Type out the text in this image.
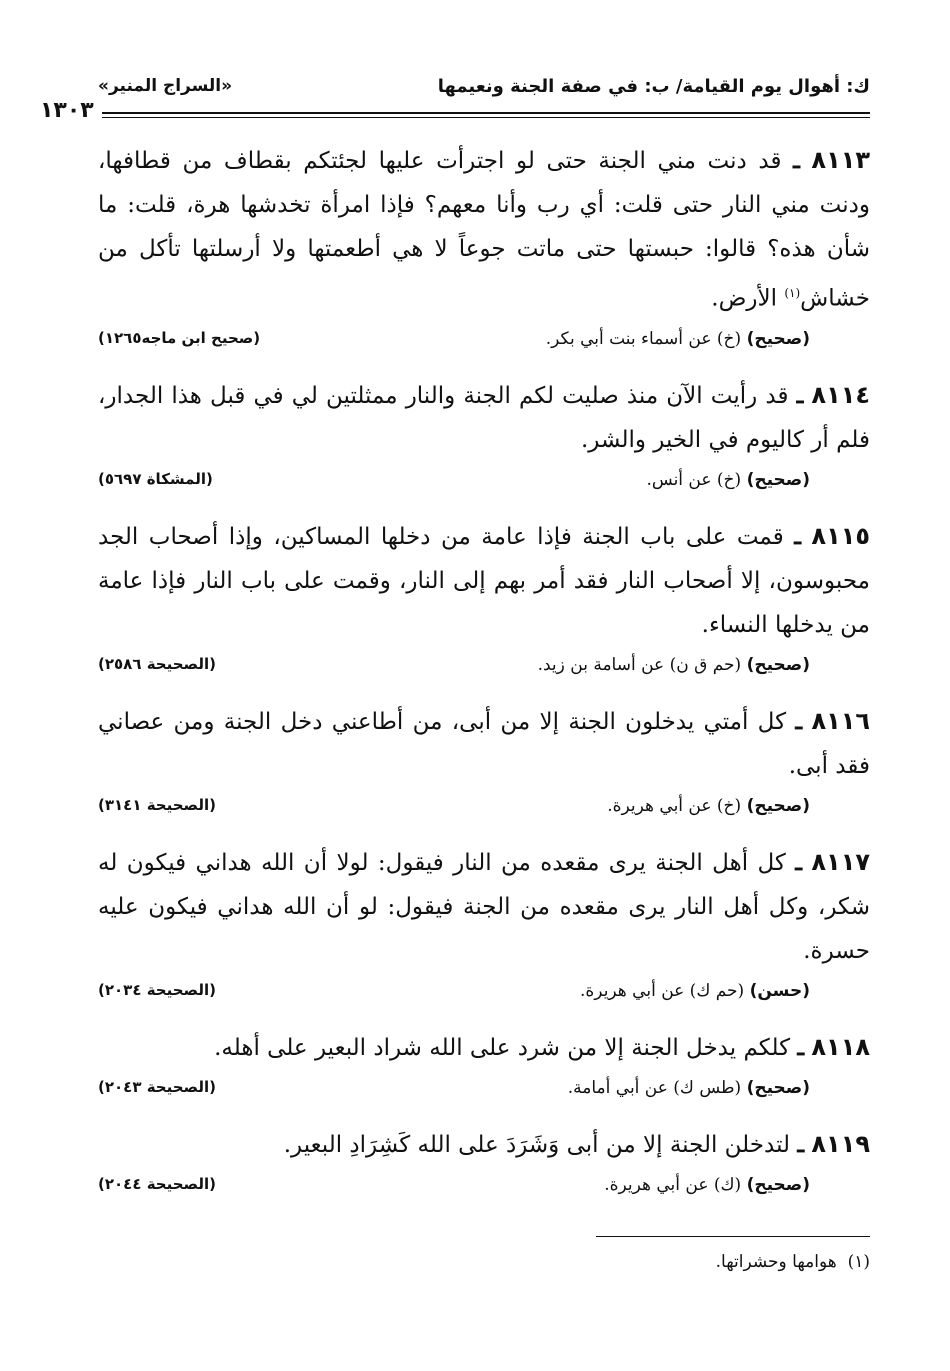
ك: أهوال يوم القيامة/ ب: في صفة الجنة ونعيمها
«السراج المنير»
١٣٠٣

٨١١٣ ـ قد دنت مني الجنة حتى لو اجترأت عليها لجئتكم بقطاف من قطافها، ودنت مني النار حتى قلت: أي رب وأنا معهم؟ فإذا امرأة تخدشها هرة، قلت: ما شأن هذه؟ قالوا: حبستها حتى ماتت جوعاً لا هي أطعمتها ولا أرسلتها تأكل من خشاش$^{(١)}$ الأرض.

(صحيح) (خ) عن أسماء بنت أبي بكر.
(صحيح ابن ماجه١٢٦٥)

٨١١٤ ـ قد رأيت الآن منذ صليت لكم الجنة والنار ممثلتين لي في قبل هذا الجدار، فلم أر كاليوم في الخير والشر.

(صحيح) (خ) عن أنس.
(المشكاة ٥٦٩٧)

٨١١٥ ـ قمت على باب الجنة فإذا عامة من دخلها المساكين، وإذا أصحاب الجد محبوسون، إلا أصحاب النار فقد أمر بهم إلى النار، وقمت على باب النار فإذا عامة من يدخلها النساء.

(صحيح) (حم ق ن) عن أسامة بن زيد.
(الصحيحة ٢٥٨٦)

٨١١٦ ـ كل أمتي يدخلون الجنة إلا من أبى، من أطاعني دخل الجنة ومن عصاني فقد أبى.

(صحيح) (خ) عن أبي هريرة.
(الصحيحة ٣١٤١)

٨١١٧ ـ كل أهل الجنة يرى مقعده من النار فيقول: لولا أن الله هداني فيكون له شكر، وكل أهل النار يرى مقعده من الجنة فيقول: لو أن الله هداني فيكون عليه حسرة.

(حسن) (حم ك) عن أبي هريرة.
(الصحيحة ٢٠٣٤)

٨١١٨ ـ كلكم يدخل الجنة إلا من شرد على الله شراد البعير على أهله.

(صحيح) (طس ك) عن أبي أمامة.
(الصحيحة ٢٠٤٣)

٨١١٩ ـ لتدخلن الجنة إلا من أبى وَشَرَدَ على الله كَشِرَادِ البعير.

(صحيح) (ك) عن أبي هريرة.
(الصحيحة ٢٠٤٤)
(١)  هوامها وحشراتها.
